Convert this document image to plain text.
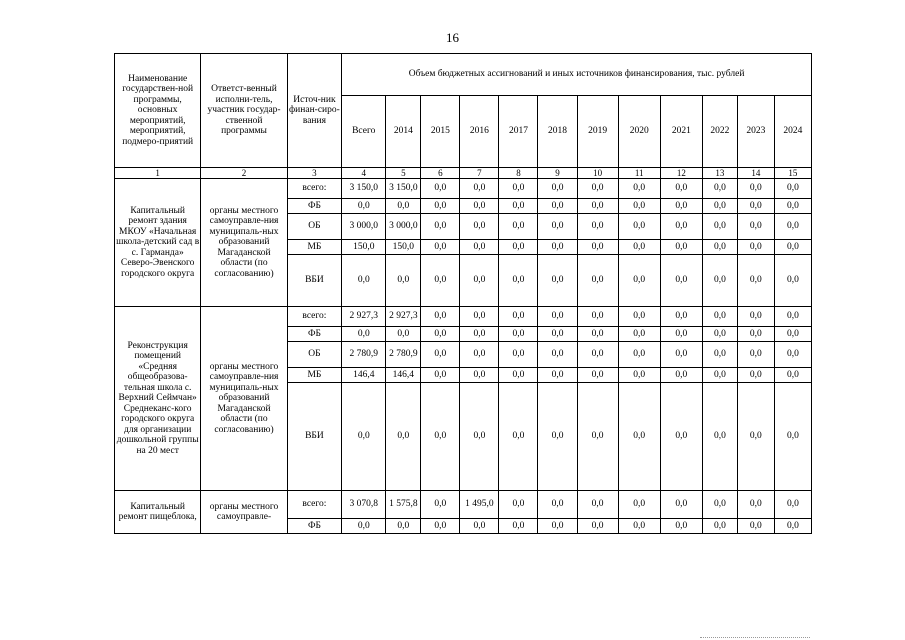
16
Наименование государствен-ной программы, основных мероприятий, мероприятий, подмеро-приятий	Ответст-венный исполни-тель, участник государ-ственной программы	Источ-ник финан-сиро-вания	Объем бюджетных ассигнований и иных источников финансирования, тыс. рублей											
			Всего	2014	2015	2016	2017	2018	2019	2020	2021	2022	2023	2024
1	2	3	4	5	6	7	8	9	10	11	12	13	14	15
Капитальный ремонт здания МКОУ «Начальная школа-детский сад в с. Гарманда» Северо-Эвенского городского округа	органы местного самоуправле-ния муниципаль-ных образований Магаданской области (по согласованию)	всего:	3 150,0	3 150,0	0,0	0,0	0,0	0,0	0,0	0,0	0,0	0,0	0,0	0,0
		ФБ	0,0	0,0	0,0	0,0	0,0	0,0	0,0	0,0	0,0	0,0	0,0	0,0
		ОБ	3 000,0	3 000,0	0,0	0,0	0,0	0,0	0,0	0,0	0,0	0,0	0,0	0,0
		МБ	150,0	150,0	0,0	0,0	0,0	0,0	0,0	0,0	0,0	0,0	0,0	0,0
		ВБИ	0,0	0,0	0,0	0,0	0,0	0,0	0,0	0,0	0,0	0,0	0,0	0,0
Реконструкция помещений «Средняя общеобразова-тельная школа с. Верхний Сеймчан» Среднеканс-кого городского округа для организации дошкольной группы на 20 мест	органы местного самоуправле-ния муниципаль-ных образований Магаданской области (по согласованию)	всего:	2 927,3	2 927,3	0,0	0,0	0,0	0,0	0,0	0,0	0,0	0,0	0,0	0,0
		ФБ	0,0	0,0	0,0	0,0	0,0	0,0	0,0	0,0	0,0	0,0	0,0	0,0
		ОБ	2 780,9	2 780,9	0,0	0,0	0,0	0,0	0,0	0,0	0,0	0,0	0,0	0,0
		МБ	146,4	146,4	0,0	0,0	0,0	0,0	0,0	0,0	0,0	0,0	0,0	0,0
		ВБИ	0,0	0,0	0,0	0,0	0,0	0,0	0,0	0,0	0,0	0,0	0,0	0,0
Капитальный ремонт пищеблока,	органы местного самоуправле-	всего:	3 070,8	1 575,8	0,0	1 495,0	0,0	0,0	0,0	0,0	0,0	0,0	0,0	0,0
		ФБ	0,0	0,0	0,0	0,0	0,0	0,0	0,0	0,0	0,0	0,0	0,0	0,0
